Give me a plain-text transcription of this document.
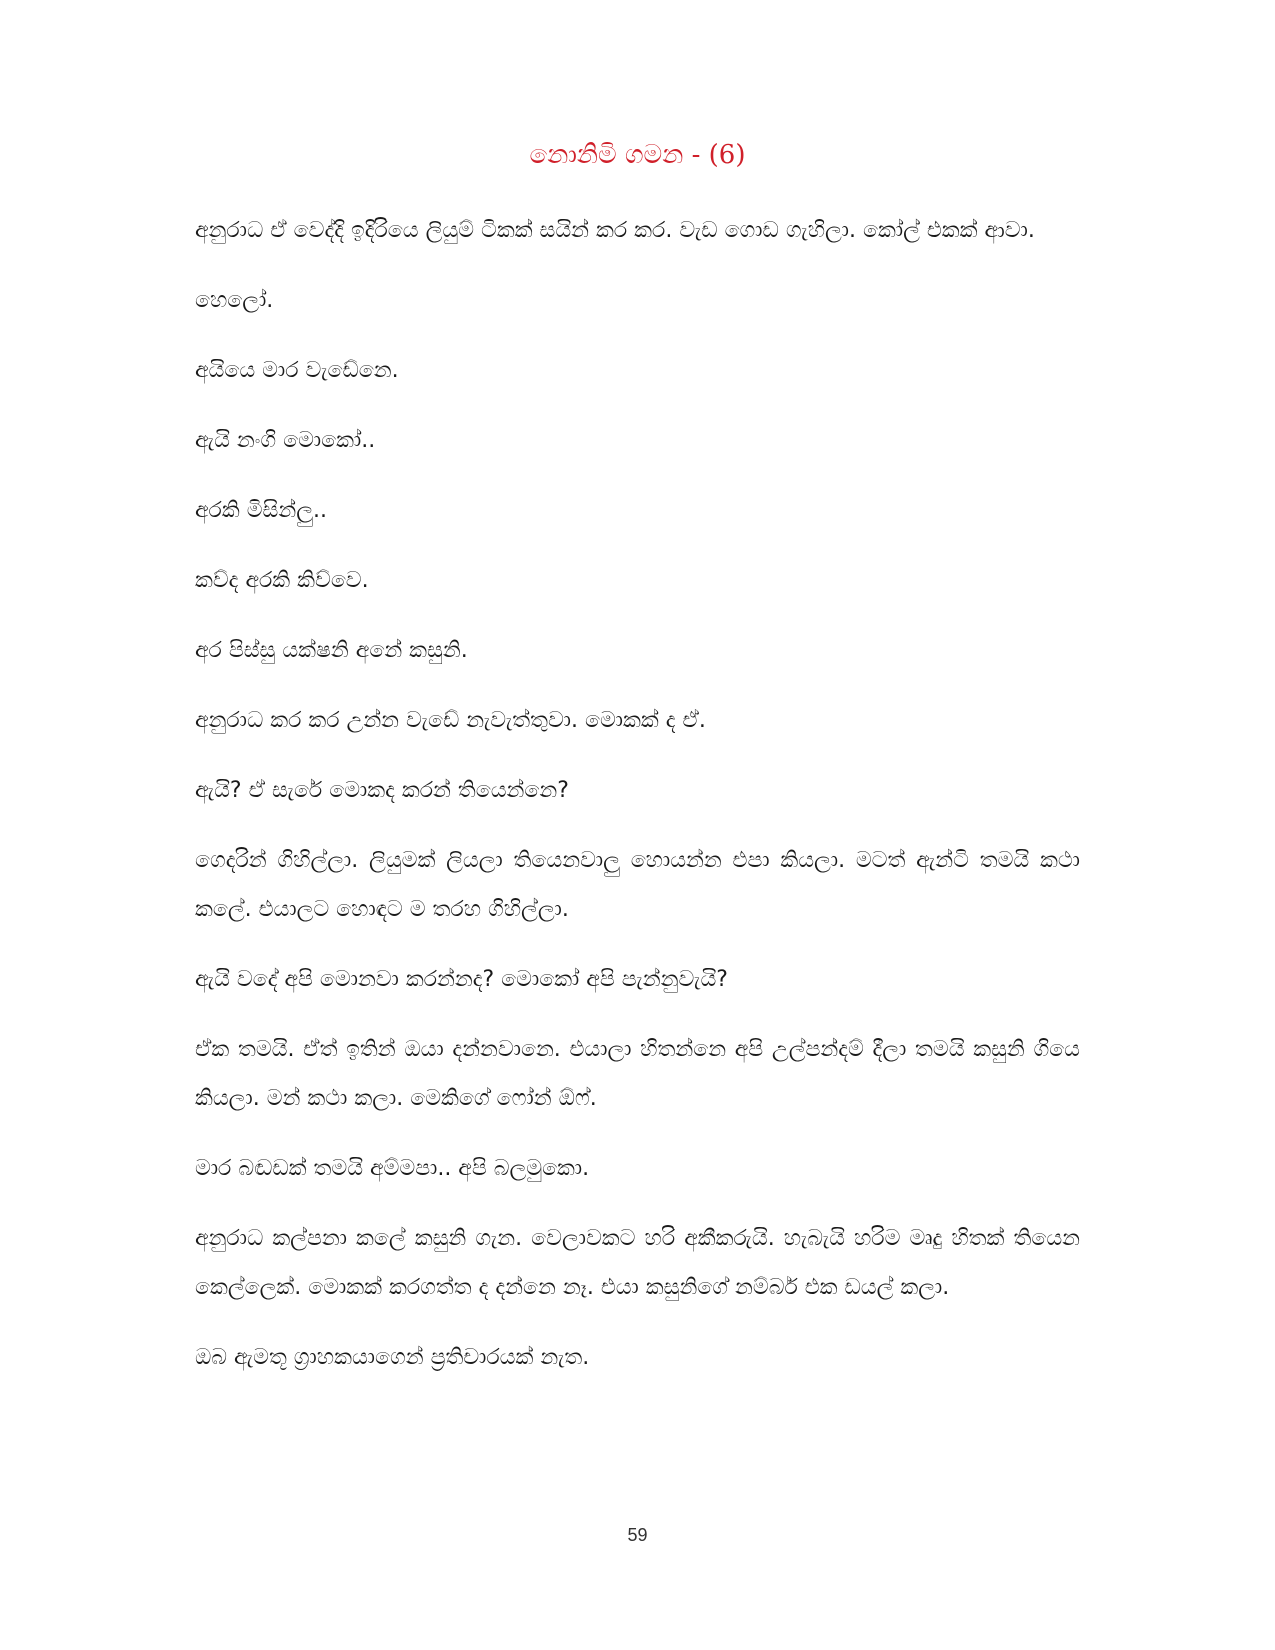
නොනිමි ගමන - (6)

අනුරාධ ඒ වෙද්දි ඉදිරියෙ ලියුම් ටිකක් සයින් කර කර. වැඩ ගොඩ ගැහිලා. කෝල් එකක් ආවා.

හෙලෝ.

අයියෙ මාර වැඩේනෙ.

ඇයි නංගි මොකෝ..

අරකි මිසින්ලු..

කව්ද අරකි කිව්වෙ.

අර පිස්සු යක්ෂනි අනේ කසුනි.

අනුරාධ කර කර උන්න වැඩේ නැවැත්තුවා. මොකක් ද ඒ.

ඇයි? ඒ සැරේ මොකද කරන් තියෙන්නෙ?

ගෙදරින් ගිහිල්ලා. ලියුමක් ලියලා තියෙනවාලු හොයන්න එපා කියලා. මටත් ඇන්ටි තමයි කථා කලේ. එයාලට හොඳට ම තරහ ගිහිල්ලා.

ඇයි වදේ අපි මොනවා කරන්නද? මොකෝ අපි පැන්නුවැයි?

ඒක තමයි. ඒත් ඉතින් ඔයා දන්නවානෙ. එයාලා හිතන්නෙ අපි උල්පන්දම් දීලා තමයි කසුනි ගියෙ කියලා. මන් කථා කලා. මෙකිගේ ෆෝන් ඕෆ්.

මාර බඬඩක් තමයි අම්මපා.. අපි බලමුකො.

අනුරාධ කල්පනා කලේ කසුනි ගැන. වෙලාවකට හරි අකීකරුයි. හැබැයි හරිම මෘදු හිතක් තියෙන කෙල්ලෙක්. මොකක් කරගත්ත ද දන්නෙ නෑ. එයා කසුනිගේ නම්බර් එක ඩයල් කලා.

ඔබ ඇමතූ ග්‍රාහකයාගෙන් ප්‍රතිචාරයක් නැත.

59
